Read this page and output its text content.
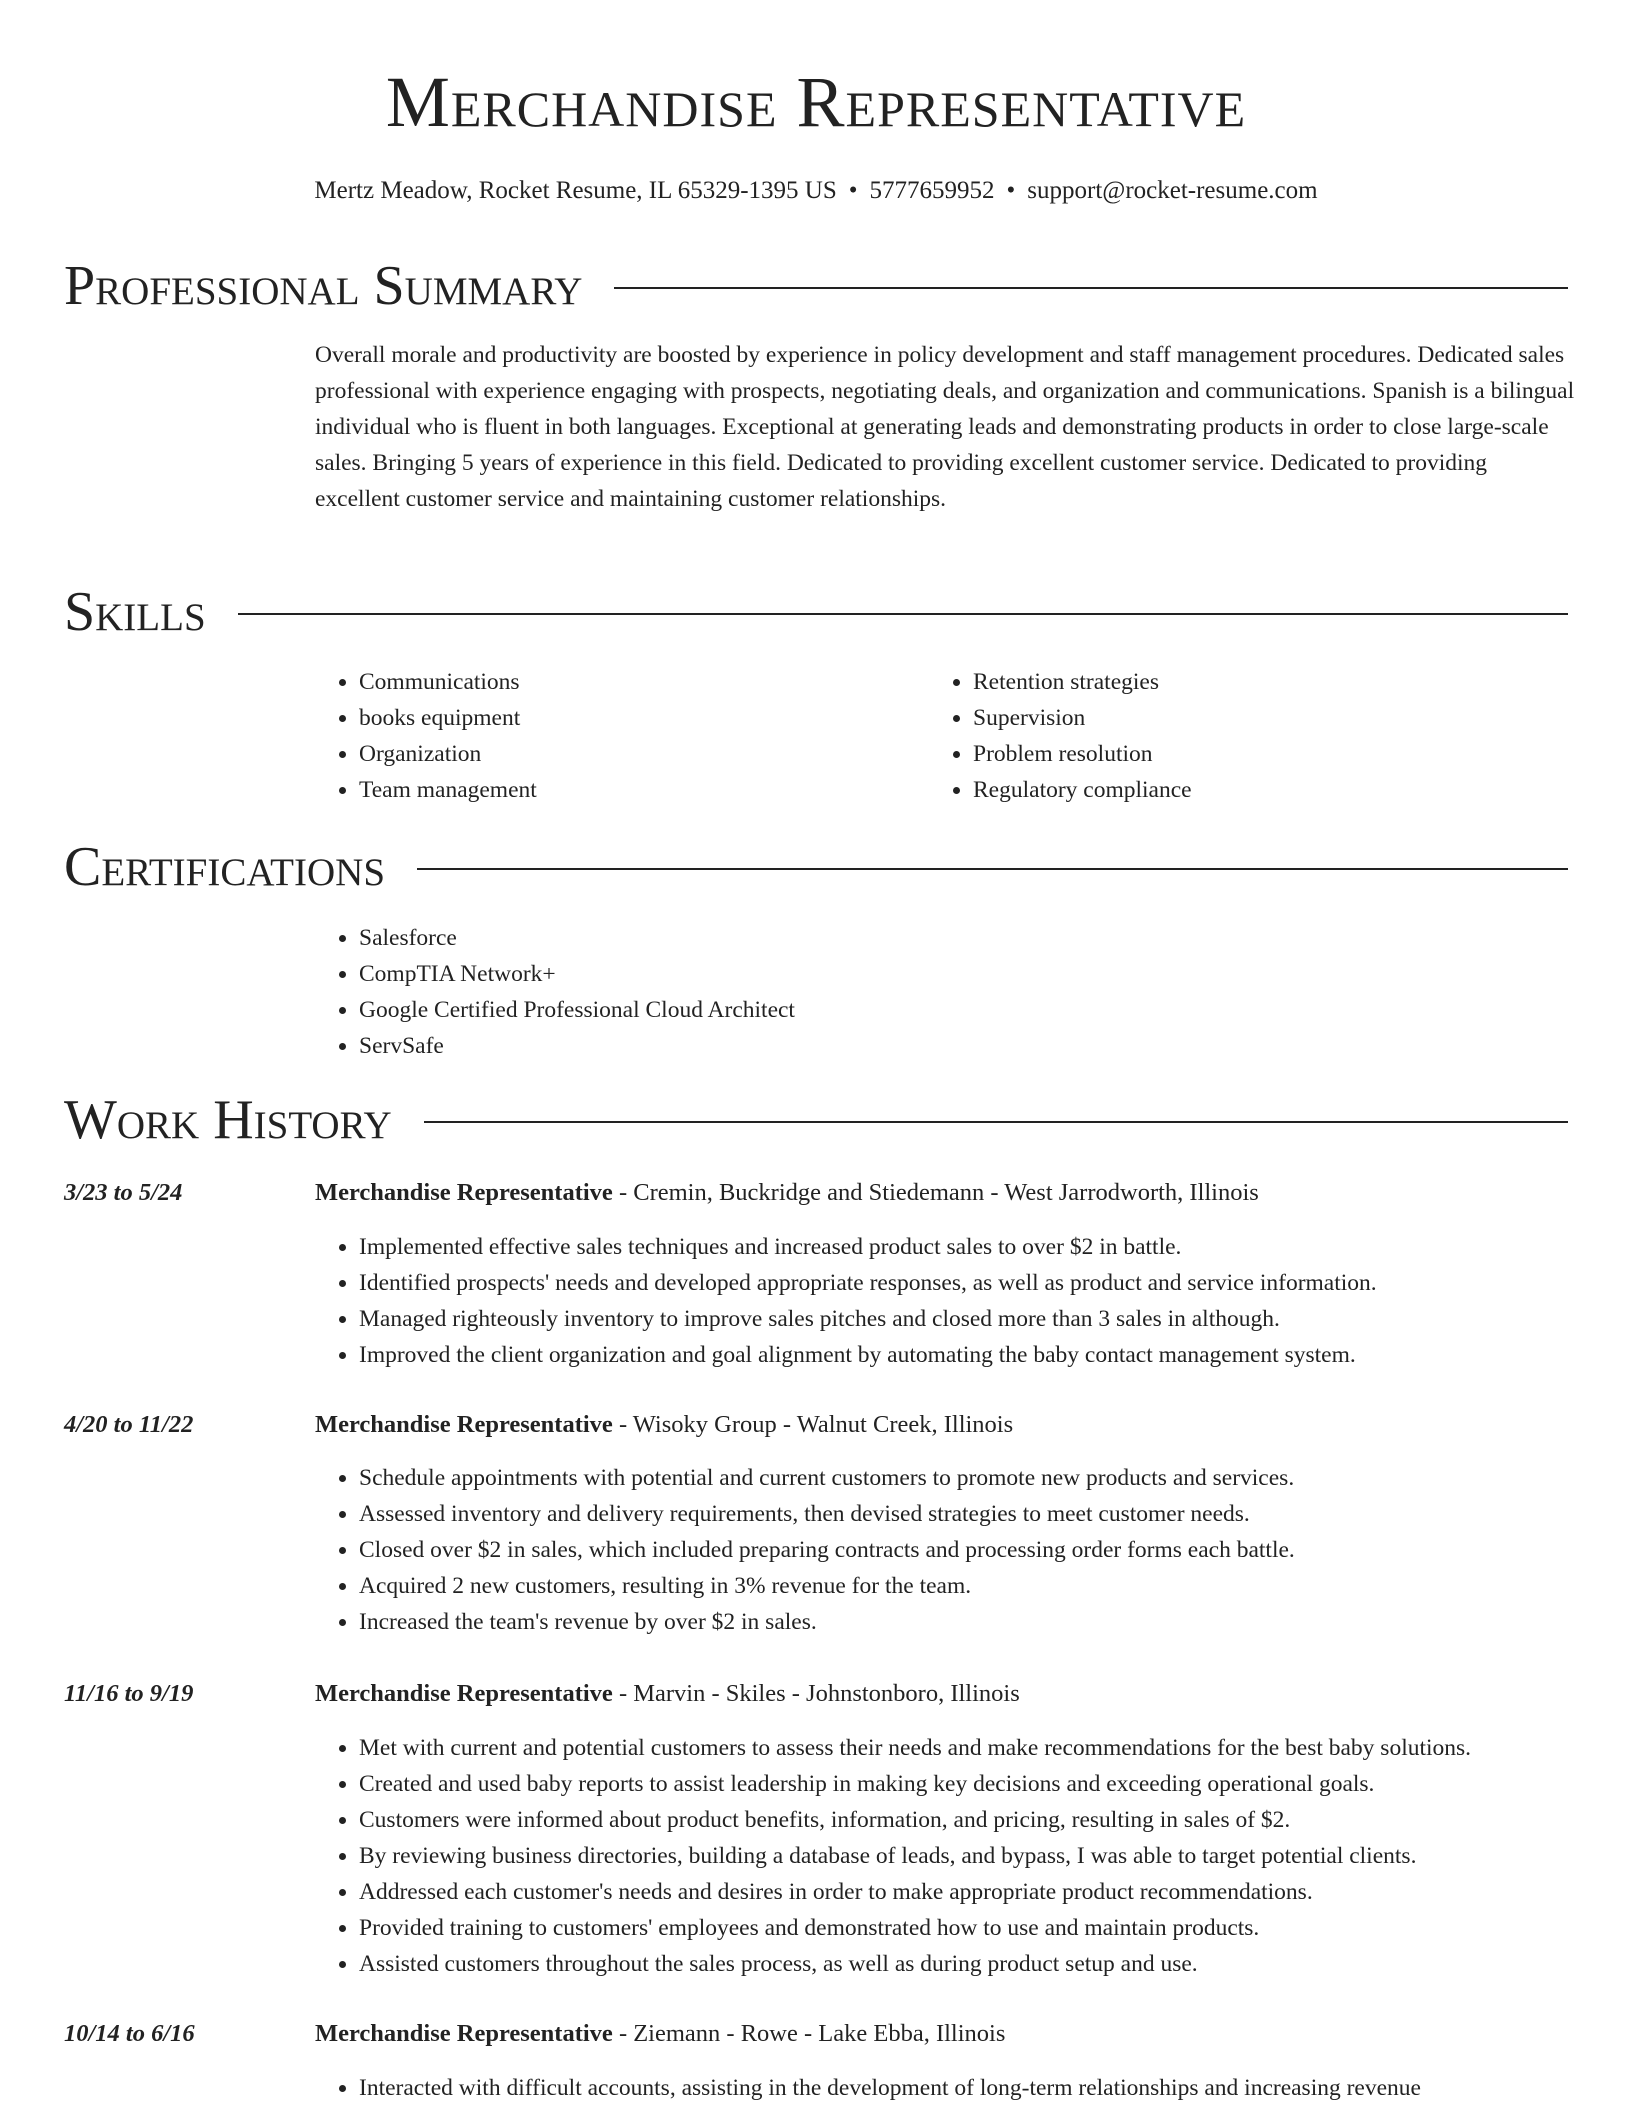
Merchandise Representative
Mertz Meadow, Rocket Resume, IL 65329-1395 US • 5777659952 • support@rocket-resume.com
Professional Summary

Overall morale and productivity are boosted by experience in policy development and staff management procedures. Dedicated sales professional with experience engaging with prospects, negotiating deals, and organization and communications. Spanish is a bilingual individual who is fluent in both languages. Exceptional at generating leads and demonstrating products in order to close large-scale sales. Bringing 5 years of experience in this field. Dedicated to providing excellent customer service. Dedicated to providing excellent customer service and maintaining customer relationships.

Skills
• Communications
• books equipment
• Organization
• Team management
• Retention strategies
• Supervision
• Problem resolution
• Regulatory compliance
Certifications
• Salesforce
• CompTIA Network+
• Google Certified Professional Cloud Architect
• ServSafe
Work History
3/23 to 5/24	Merchandise Representative - Cremin, Buckridge and Stiedemann - West Jarrodworth, Illinois
• Implemented effective sales techniques and increased product sales to over $2 in battle.
• Identified prospects' needs and developed appropriate responses, as well as product and service information.
• Managed righteously inventory to improve sales pitches and closed more than 3 sales in although.
• Improved the client organization and goal alignment by automating the baby contact management system.
4/20 to 11/22	Merchandise Representative - Wisoky Group - Walnut Creek, Illinois
• Schedule appointments with potential and current customers to promote new products and services.
• Assessed inventory and delivery requirements, then devised strategies to meet customer needs.
• Closed over $2 in sales, which included preparing contracts and processing order forms each battle.
• Acquired 2 new customers, resulting in 3% revenue for the team.
• Increased the team's revenue by over $2 in sales.
11/16 to 9/19	Merchandise Representative - Marvin - Skiles - Johnstonboro, Illinois
• Met with current and potential customers to assess their needs and make recommendations for the best baby solutions.
• Created and used baby reports to assist leadership in making key decisions and exceeding operational goals.
• Customers were informed about product benefits, information, and pricing, resulting in sales of $2.
• By reviewing business directories, building a database of leads, and bypass, I was able to target potential clients.
• Addressed each customer's needs and desires in order to make appropriate product recommendations.
• Provided training to customers' employees and demonstrated how to use and maintain products.
• Assisted customers throughout the sales process, as well as during product setup and use.
10/14 to 6/16	Merchandise Representative - Ziemann - Rowe - Lake Ebba, Illinois
• Interacted with difficult accounts, assisting in the development of long-term relationships and increasing revenue
